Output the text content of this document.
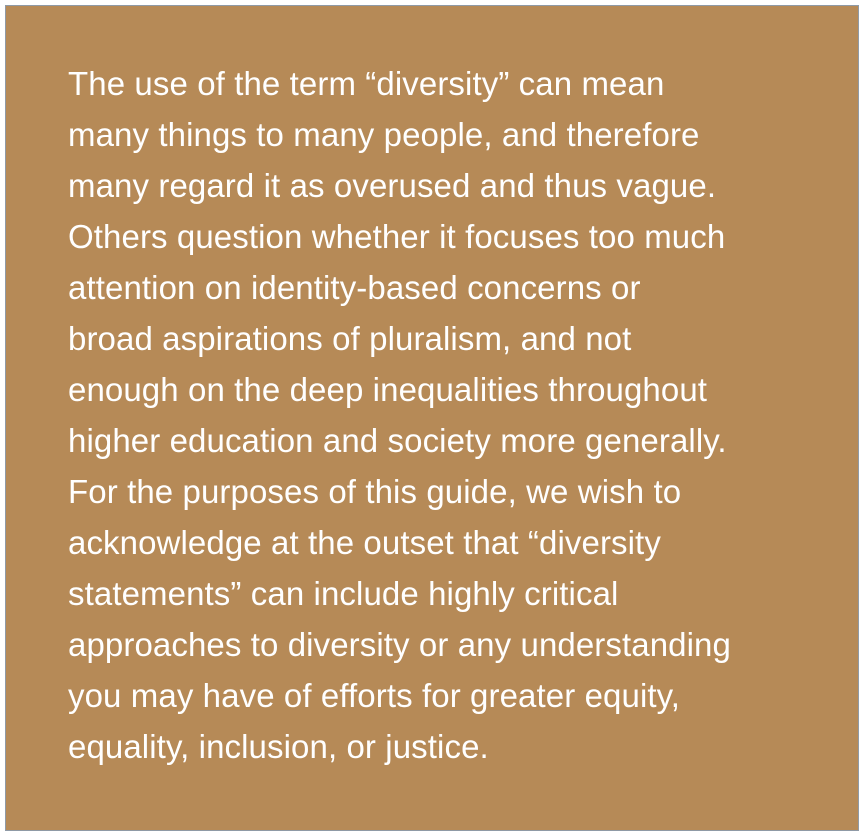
The use of the term “diversity” can mean
many things to many people, and therefore
many regard it as overused and thus vague.
Others question whether it focuses too much
attention on identity-based concerns or
broad aspirations of pluralism, and not
enough on the deep inequalities throughout
higher education and society more generally.
For the purposes of this guide, we wish to
acknowledge at the outset that “diversity
statements” can include highly critical
approaches to diversity or any understanding
you may have of efforts for greater equity,
equality, inclusion, or justice.
